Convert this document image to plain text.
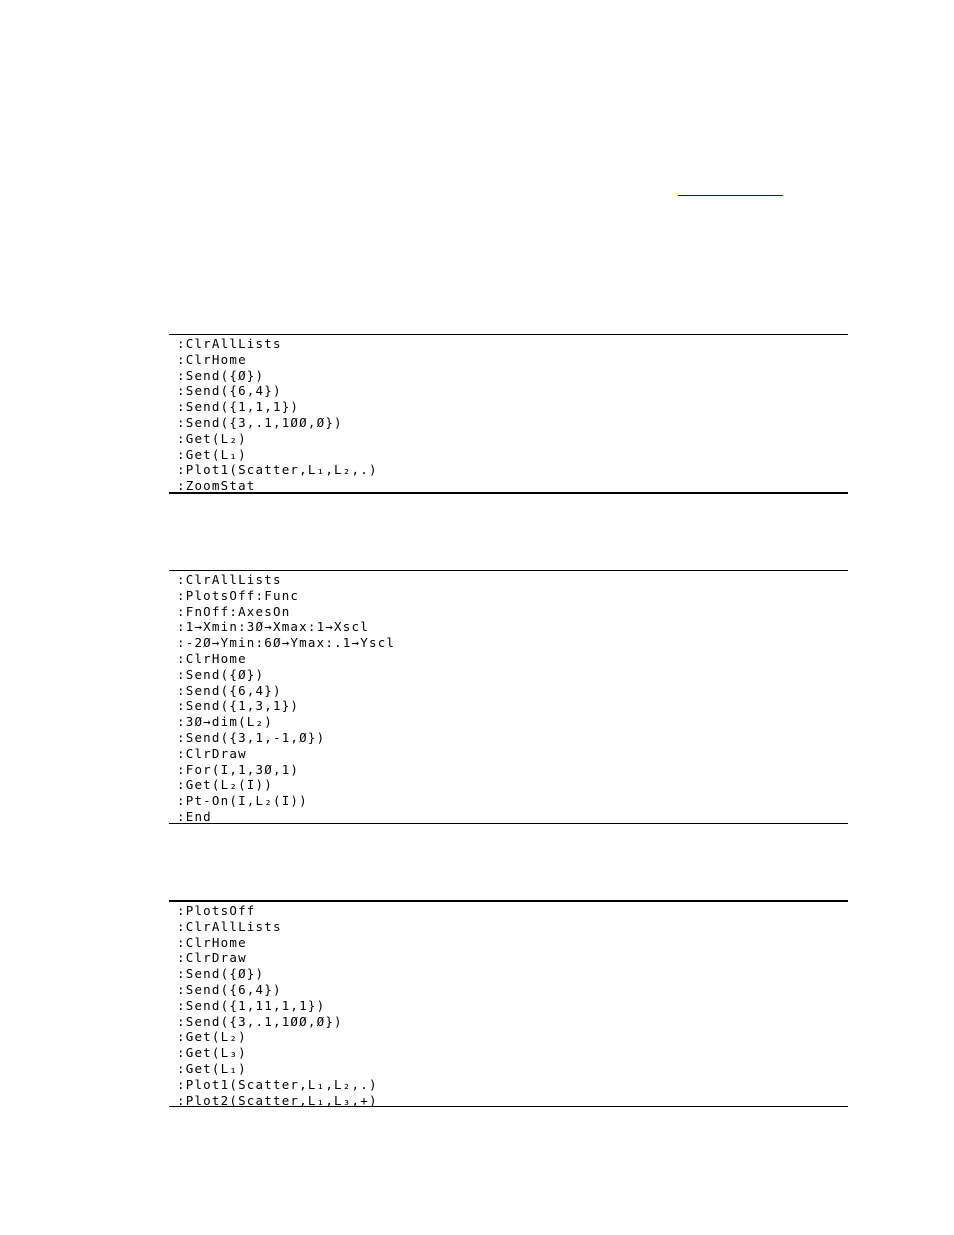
:ClrAllLists
:ClrHome
:Send({Ø})
:Send({6,4})
:Send({1,1,1})
:Send({3,.1,1ØØ,Ø})
:Get(L₂)
:Get(L₁)
:Plot1(Scatter,L₁,L₂,.)
:ZoomStat
:ClrAllLists
:PlotsOff:Func
:FnOff:AxesOn
:1→Xmin:3Ø→Xmax:1→Xscl
:-2Ø→Ymin:6Ø→Ymax:.1→Yscl
:ClrHome
:Send({Ø})
:Send({6,4})
:Send({1,3,1})
:3Ø→dim(L₂)
:Send({3,1,-1,Ø})
:ClrDraw
:For(I,1,3Ø,1)
:Get(L₂(I))
:Pt-On(I,L₂(I))
:End
:PlotsOff
:ClrAllLists
:ClrHome
:ClrDraw
:Send({Ø})
:Send({6,4})
:Send({1,11,1,1})
:Send({3,.1,1ØØ,Ø})
:Get(L₂)
:Get(L₃)
:Get(L₁)
:Plot1(Scatter,L₁,L₂,.)
:Plot2(Scatter,L₁,L₃,+)
